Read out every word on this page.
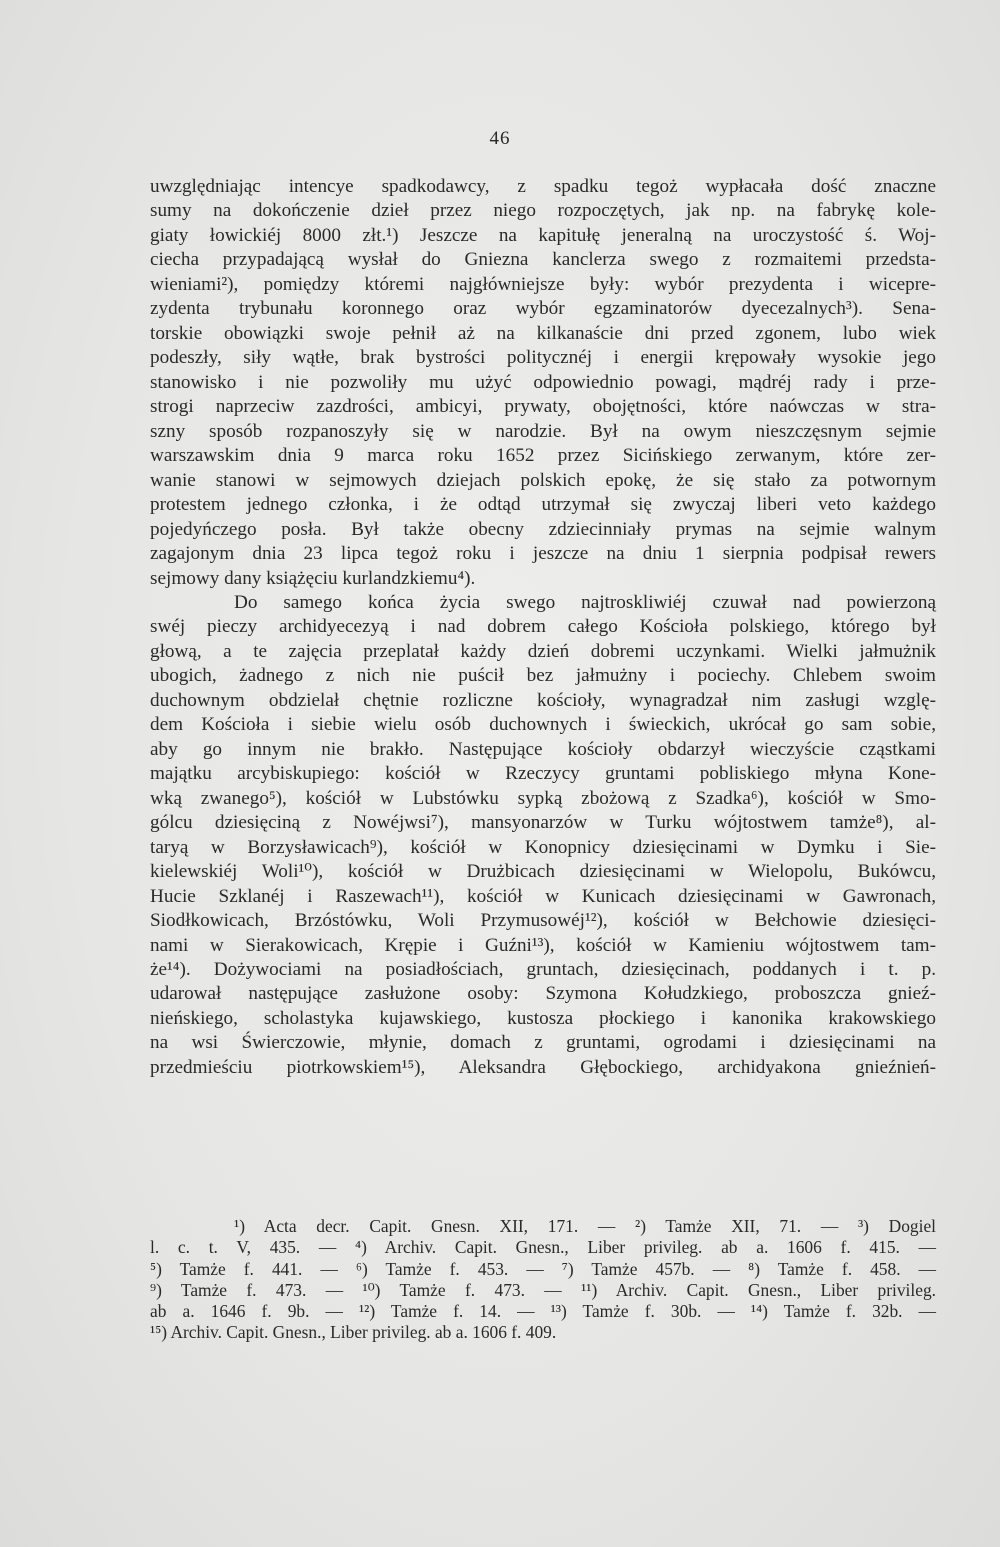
46
uwzględniając intencye spadkodawcy, z spadku tegoż wypłacała dość znaczne
sumy na dokończenie dzieł przez niego rozpoczętych, jak np. na fabrykę kole-
giaty łowickiéj 8000 złt.¹) Jeszcze na kapitułę jeneralną na uroczystość ś. Woj-
ciecha przypadającą wysłał do Gniezna kanclerza swego z rozmaitemi przedsta-
wieniami²), pomiędzy któremi najgłówniejsze były: wybór prezydenta i wicepre-
zydenta trybunału koronnego oraz wybór egzaminatorów dyecezalnych³). Sena-
torskie obowiązki swoje pełnił aż na kilkanaście dni przed zgonem, lubo wiek
podeszły, siły wątłe, brak bystrości politycznéj i energii krępowały wysokie jego
stanowisko i nie pozwoliły mu użyć odpowiednio powagi, mądréj rady i prze-
strogi naprzeciw zazdrości, ambicyi, prywaty, obojętności, które naówczas w stra-
szny sposób rozpanoszyły się w narodzie. Był na owym nieszczęsnym sejmie
warszawskim dnia 9 marca roku 1652 przez Sicińskiego zerwanym, które zer-
wanie stanowi w sejmowych dziejach polskich epokę, że się stało za potwornym
protestem jednego członka, i że odtąd utrzymał się zwyczaj liberi veto każdego
pojedyńczego posła. Był także obecny zdziecinniały prymas na sejmie walnym
zagajonym dnia 23 lipca tegoż roku i jeszcze na dniu 1 sierpnia podpisał rewers
sejmowy dany książęciu kurlandzkiemu⁴).
Do samego końca życia swego najtroskliwiéj czuwał nad powierzoną
swéj pieczy archidyecezyą i nad dobrem całego Kościoła polskiego, którego był
głową, a te zajęcia przeplatał każdy dzień dobremi uczynkami. Wielki jałmużnik
ubogich, żadnego z nich nie puścił bez jałmużny i pociechy. Chlebem swoim
duchownym obdzielał chętnie rozliczne kościoły, wynagradzał nim zasługi wzglę-
dem Kościoła i siebie wielu osób duchownych i świeckich, ukrócał go sam sobie,
aby go innym nie brakło. Następujące kościoły obdarzył wieczyście cząstkami
majątku arcybiskupiego: kościół w Rzeczycy gruntami pobliskiego młyna Kone-
wką zwanego⁵), kościół w Lubstówku sypką zbożową z Szadka⁶), kościół w Smo-
gólcu dziesięciną z Nowéjwsi⁷), mansyonarzów w Turku wójtostwem tamże⁸), al-
taryą w Borzysławicach⁹), kościół w Konopnicy dziesięcinami w Dymku i Sie-
kielewskiéj Woli¹⁰), kościół w Drużbicach dziesięcinami w Wielopolu, Bukówcu,
Hucie Szklanéj i Raszewach¹¹), kościół w Kunicach dziesięcinami w Gawronach,
Siodłkowicach, Brzóstówku, Woli Przymusowéj¹²), kościół w Bełchowie dziesięci-
nami w Sierakowicach, Krępie i Guźni¹³), kościół w Kamieniu wójtostwem tam-
że¹⁴). Dożywociami na posiadłościach, gruntach, dziesięcinach, poddanych i t. p.
udarował następujące zasłużone osoby: Szymona Kołudzkiego, proboszcza gnieź-
nieńskiego, scholastyka kujawskiego, kustosza płockiego i kanonika krakowskiego
na wsi Świerczowie, młynie, domach z gruntami, ogrodami i dziesięcinami na
przedmieściu piotrkowskiem¹⁵), Aleksandra Głębockiego, archidyakona gnieźnień-
¹) Acta decr. Capit. Gnesn. XII, 171. — ²) Tamże XII, 71. — ³) Dogiel
l. c. t. V, 435. — ⁴) Archiv. Capit. Gnesn., Liber privileg. ab a. 1606 f. 415. —
⁵) Tamże f. 441. — ⁶) Tamże f. 453. — ⁷) Tamże 457b. — ⁸) Tamże f. 458. —
⁹) Tamże f. 473. — ¹⁰) Tamże f. 473. — ¹¹) Archiv. Capit. Gnesn., Liber privileg.
ab a. 1646 f. 9b. — ¹²) Tamże f. 14. — ¹³) Tamże f. 30b. — ¹⁴) Tamże f. 32b. —
¹⁵) Archiv. Capit. Gnesn., Liber privileg. ab a. 1606 f. 409.
